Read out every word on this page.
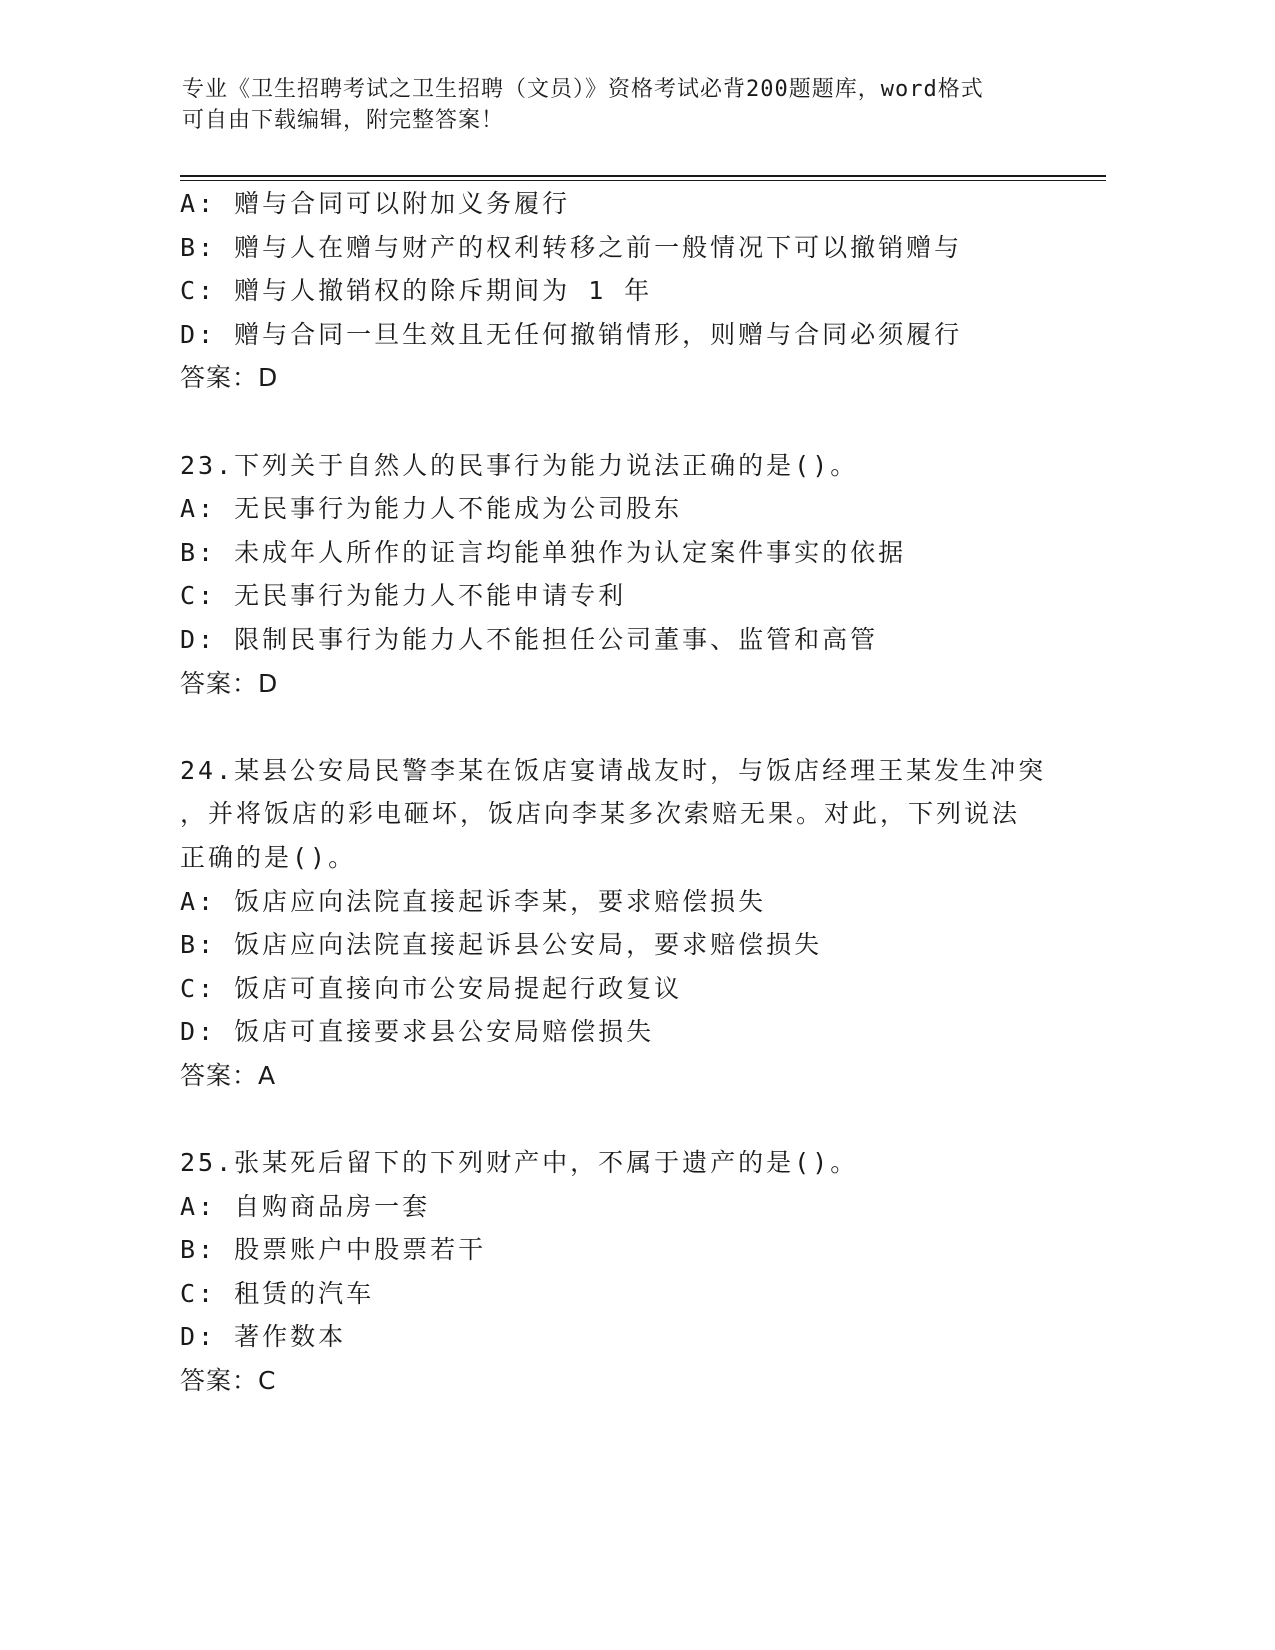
专业《卫生招聘考试之卫生招聘（文员）》资格考试必背200题题库，word格式
可自由下载编辑，附完整答案！
A: 赠与合同可以附加义务履行
B: 赠与人在赠与财产的权利转移之前一般情况下可以撤销赠与
C: 赠与人撤销权的除斥期间为 1 年
D: 赠与合同一旦生效且无任何撤销情形，则赠与合同必须履行
答案：D
23.下列关于自然人的民事行为能力说法正确的是()。
A: 无民事行为能力人不能成为公司股东
B: 未成年人所作的证言均能单独作为认定案件事实的依据
C: 无民事行为能力人不能申请专利
D: 限制民事行为能力人不能担任公司董事、监管和高管
答案：D
24.某县公安局民警李某在饭店宴请战友时，与饭店经理王某发生冲突
，并将饭店的彩电砸坏，饭店向李某多次索赔无果。对此，下列说法
正确的是()。
A: 饭店应向法院直接起诉李某，要求赔偿损失
B: 饭店应向法院直接起诉县公安局，要求赔偿损失
C: 饭店可直接向市公安局提起行政复议
D: 饭店可直接要求县公安局赔偿损失
答案：A
25.张某死后留下的下列财产中，不属于遗产的是()。
A: 自购商品房一套
B: 股票账户中股票若干
C: 租赁的汽车
D: 著作数本
答案：C
